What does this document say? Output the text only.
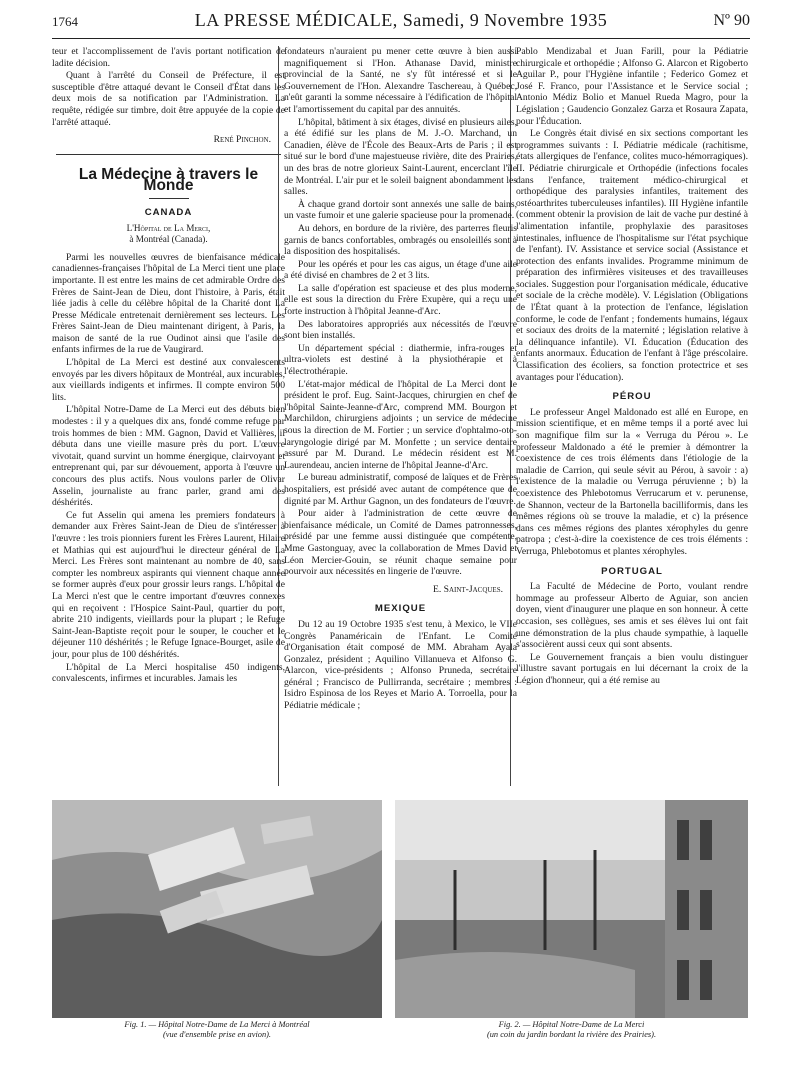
1764	LA PRESSE MÉDICALE, Samedi, 9 Novembre 1935	Nº 90

teur et l'accomplissement de l'avis portant notification de ladite décision.

Quant à l'arrêté du Conseil de Préfecture, il est susceptible d'être attaqué devant le Conseil d'État dans les deux mois de sa notification par l'Administration. La requête, rédigée sur timbre, doit être appuyée de la copie de l'arrêté attaqué.

René Pinchon.
La Médecine à travers le Monde
CANADA
L'Hôpital de La Merci,
à Montréal (Canada).

Parmi les nouvelles œuvres de bienfaisance médicale canadiennes-françaises l'hôpital de La Merci tient une place importante. Il est entre les mains de cet admirable Ordre des Frères de Saint-Jean de Dieu, dont l'histoire, à Paris, était liée jadis à celle du célèbre hôpital de la Charité dont La Presse Médicale entretenait dernièrement ses lecteurs. Les Frères Saint-Jean de Dieu maintenant dirigent, à Paris, la maison de santé de la rue Oudinot ainsi que l'asile des enfants infirmes de la rue de Vaugirard.

L'hôpital de La Merci est destiné aux convalescents envoyés par les divers hôpitaux de Montréal, aux incurables, aux vieillards indigents et infirmes. Il compte environ 500 lits.

L'hôpital Notre-Dame de La Merci eut des débuts bien modestes : il y a quelques dix ans, fondé comme refuge par trois hommes de bien : MM. Gagnon, David et Vallières, il débuta dans une vieille masure près du port. L'œuvre vivotait, quand survint un homme énergique, clairvoyant et entreprenant qui, par sur dévouement, apporta à l'œuvre un concours des plus actifs. Nous voulons parler de Olivar Asselin, journaliste au franc parler, grand ami des déshérités.

Ce fut Asselin qui amena les premiers fondateurs à demander aux Frères Saint-Jean de Dieu de s'intéresser à l'œuvre : les trois pionniers furent les Frères Laurent, Hilaire et Mathias qui est aujourd'hui le directeur général de La Merci. Les Frères sont maintenant au nombre de 40, sans compter les nombreux aspirants qui viennent chaque année se former auprès d'eux pour grossir leurs rangs. L'hôpital de La Merci n'est que le centre important d'œuvres connexes qui en reçoivent : l'Hospice Saint-Paul, quartier du port, abrite 210 indigents, vieillards pour la plupart ; le Refuge Saint-Jean-Baptiste reçoit pour le souper, le coucher et le déjeuner 110 déshérités ; le Refuge Ignace-Bourget, asile de jour, pour plus de 100 déshérités.

L'hôpital de La Merci hospitalise 450 indigents, convalescents, infirmes et incurables. Jamais les

fondateurs n'auraient pu mener cette œuvre à bien aussi magnifiquement si l'Hon. Athanase David, ministre provincial de la Santé, ne s'y fût intéressé et si le Gouvernement de l'Hon. Alexandre Taschereau, à Québec, n'eût garanti la somme nécessaire à l'édification de l'hôpital et l'amortissement du capital par des annuités.

L'hôpital, bâtiment à six étages, divisé en plusieurs ailes, a été édifié sur les plans de M. J.-O. Marchand, un Canadien, élève de l'École des Beaux-Arts de Paris ; il est situé sur le bord d'une majestueuse rivière, dite des Prairies, un des bras de notre glorieux Saint-Laurent, encerclant l'île de Montréal. L'air pur et le soleil baignent abondamment les salles.

À chaque grand dortoir sont annexés une salle de bains, un vaste fumoir et une galerie spacieuse pour la promenade.

Au dehors, en bordure de la rivière, des parterres fleuris garnis de bancs confortables, ombragés ou ensoleillés sont à la disposition des hospitalisés.

Pour les opérés et pour les cas aigus, un étage d'une aile a été divisé en chambres de 2 et 3 lits.

La salle d'opération est spacieuse et des plus moderne, elle est sous la direction du Frère Exupère, qui a reçu une forte instruction à l'hôpital Jeanne-d'Arc.

Des laboratoires appropriés aux nécessités de l'œuvre sont bien installés.

Un département spécial : diathermie, infra-rouges et ultra-violets est destiné à la physiothérapie et à l'électrothérapie.

L'état-major médical de l'hôpital de La Merci dont le président le prof. Eug. Saint-Jacques, chirurgien en chef de l'hôpital Sainte-Jeanne-d'Arc, comprend MM. Bourgon et Marchildon, chirurgiens adjoints ; un service de médecine sous la direction de M. Fortier ; un service d'ophtalmo-oto-laryngologie dirigé par M. Monfette ; un service dentaire assuré par M. Durand. Le médecin résident est M. Laurendeau, ancien interne de l'hôpital Jeanne-d'Arc.

Le bureau administratif, composé de laïques et de Frères hospitaliers, est présidé avec autant de compétence que de dignité par M. Arthur Gagnon, un des fondateurs de l'œuvre.

Pour aider à l'administration de cette œuvre de bienfaisance médicale, un Comité de Dames patronnesses, présidé par une femme aussi distinguée que compétente, Mme Gastonguay, avec la collaboration de Mmes David et Léon Mercier-Gouin, se réunit chaque semaine pour pourvoir aux nécessités en lingerie de l'œuvre.

E. Saint-Jacques.
MEXIQUE

Du 12 au 19 Octobre 1935 s'est tenu, à Mexico, le VIIe Congrès Panaméricain de l'Enfant. Le Comité d'Organisation était composé de MM. Abraham Ayala Gonzalez, président ; Aquilino Villanueva et Alfonso G. Alarcon, vice-présidents ; Alfonso Pruneda, secrétaire général ; Francisco de Pullirranda, secrétaire ; membres : Isidro Espinosa de los Reyes et Mario A. Torroella, pour la Pédiatrie médicale ;

Pablo Mendizabal et Juan Farill, pour la Pédiatrie chirurgicale et orthopédie ; Alfonso G. Alarcon et Rigoberto Aguilar P., pour l'Hygiène infantile ; Federico Gomez et José F. Franco, pour l'Assistance et le Service social ; Antonio Médiz Bolio et Manuel Rueda Magro, pour la Législation ; Gaudencio Gonzalez Garza et Rosaura Zapata, pour l'Éducation.

Le Congrès était divisé en six sections comportant les programmes suivants : I. Pédiatrie médicale (rachitisme, états allergiques de l'enfance, colites muco-hémorragiques). II. Pédiatrie chirurgicale et Orthopédie (infections focales dans l'enfance, traitement médico-chirurgical et orthopédique des paralysies infantiles, traitement des ostéoarthrites tuberculeuses infantiles). III Hygiène infantile (comment obtenir la provision de lait de vache pur destiné à l'alimentation infantile, prophylaxie des parasitoses intestinales, influence de l'hospitalisme sur l'état psychique de l'enfant). IV. Assistance et service social (Assistance et protection des enfants invalides. Programme minimum de préparation des infirmières visiteuses et des travailleuses sociales. Suggestion pour l'organisation médicale, éducative et sociale de la crèche modèle). V. Législation (Obligations de l'État quant à la protection de l'enfance, législation conforme, le code de l'enfant ; fondements humains, légaux et sociaux des droits de la maternité ; législation relative à la délinquance infantile). VI. Éducation (Éducation des enfants anormaux. Éducation de l'enfant à l'âge préscolaire. Classification des écoliers, sa fonction protectrice et ses avantages pour l'éducation).

PÉROU

Le professeur Angel Maldonado est allé en Europe, en mission scientifique, et en même temps il a porté avec lui son magnifique film sur la « Verruga du Pérou ». Le professeur Maldonado a été le premier à démontrer la coexistence de ces trois éléments dans l'étiologie de la maladie de Carrion, qui seule sévit au Pérou, à savoir : a) l'existence de la maladie ou Verruga péruvienne ; b) la coexistence des Phlebotomus Verrucarum et v. perunense, de Shannon, vecteur de la Bartonella bacilliformis, dans les mêmes régions où se trouve la maladie, et c) la présence dans ces mêmes régions des plantes xérophyles du genre patropa ; c'est-à-dire la coexistence de ces trois éléments : Verruga, Phlebotomus et plantes xérophyles.

PORTUGAL

La Faculté de Médecine de Porto, voulant rendre hommage au professeur Alberto de Aguiar, son ancien doyen, vient d'inaugurer une plaque en son honneur. À cette occasion, ses collègues, ses amis et ses élèves lui ont fait une démonstration de la plus chaude sympathie, à laquelle s'associèrent aussi ceux qui sont absents.

Le Gouvernement français a bien voulu distinguer l'illustre savant portugais en lui décernant la croix de la Légion d'honneur, qui a été remise au

Fig. 1. — Hôpital Notre-Dame de La Merci à Montréal
(vue d'ensemble prise en avion).
Fig. 2. — Hôpital Notre-Dame de La Merci
(un coin du jardin bordant la rivière des Prairies).
